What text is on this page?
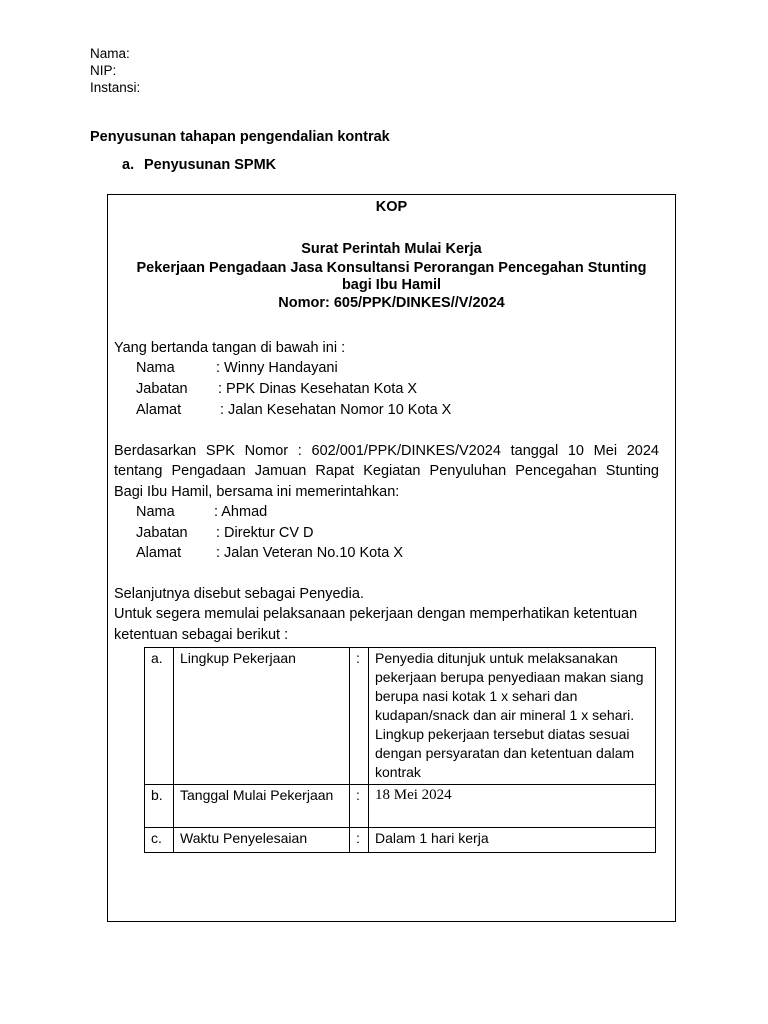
Nama:
NIP:
Instansi:
Penyusunan tahapan pengendalian kontrak
a. Penyusunan SPMK
KOP
Surat Perintah Mulai Kerja
Pekerjaan Pengadaan Jasa Konsultansi Perorangan Pencegahan Stunting
bagi Ibu Hamil
Nomor: 605/PPK/DINKES//V/2024
Yang bertanda tangan di bawah ini :
Nama	: Winny Handayani
Jabatan : PPK Dinas Kesehatan Kota X
Alamat	: Jalan Kesehatan Nomor 10 Kota X
Berdasarkan SPK Nomor : 602/001/PPK/DINKES/V2024 tanggal 10 Mei 2024
tentang Pengadaan Jamuan Rapat Kegiatan Penyuluhan Pencegahan Stunting
Bagi Ibu Hamil, bersama ini memerintahkan:
Nama	: Ahmad
Jabatan : Direktur CV D
Alamat : Jalan Veteran No.10 Kota X
Selanjutnya disebut sebagai Penyedia.
Untuk segera memulai pelaksanaan pekerjaan dengan memperhatikan ketentuan
ketentuan sebagai berikut :
a.	Lingkup Pekerjaan	:	Penyedia ditunjuk untuk melaksanakan pekerjaan berupa penyediaan makan siang berupa nasi kotak 1 x sehari dan kudapan/snack dan air mineral 1 x sehari. Lingkup pekerjaan tersebut diatas sesuai dengan persyaratan dan ketentuan dalam kontrak
b.	Tanggal Mulai Pekerjaan	:	18 Mei 2024
c.	Waktu Penyelesaian	:	Dalam 1 hari kerja
